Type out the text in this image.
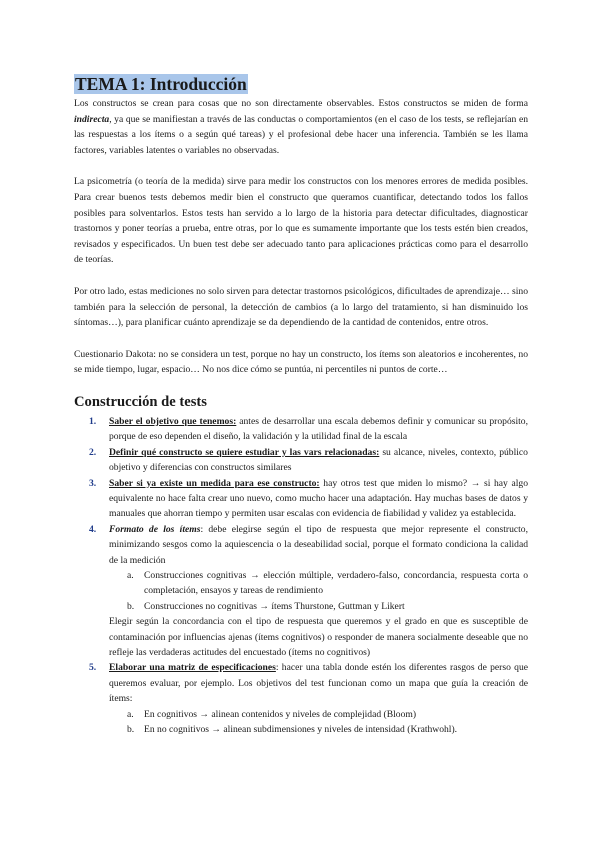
TEMA 1: Introducción

Los constructos se crean para cosas que no son directamente observables. Estos constructos se miden de forma indirecta, ya que se manifiestan a través de las conductas o comportamientos (en el caso de los tests, se reflejarían en las respuestas a los ítems o a según qué tareas) y el profesional debe hacer una inferencia. También se les llama factores, variables latentes o variables no observadas.

La psicometría (o teoría de la medida) sirve para medir los constructos con los menores errores de medida posibles. Para crear buenos tests debemos medir bien el constructo que queramos cuantificar, detectando todos los fallos posibles para solventarlos. Estos tests han servido a lo largo de la historia para detectar dificultades, diagnosticar trastornos y poner teorías a prueba, entre otras, por lo que es sumamente importante que los tests estén bien creados, revisados y especificados. Un buen test debe ser adecuado tanto para aplicaciones prácticas como para el desarrollo de teorías.

Por otro lado, estas mediciones no solo sirven para detectar trastornos psicológicos, dificultades de aprendizaje… sino también para la selección de personal, la detección de cambios (a lo largo del tratamiento, si han disminuido los síntomas…), para planificar cuánto aprendizaje se da dependiendo de la cantidad de contenidos, entre otros.

Cuestionario Dakota: no se considera un test, porque no hay un constructo, los ítems son aleatorios e incoherentes, no se mide tiempo, lugar, espacio… No nos dice cómo se puntúa, ni percentiles ni puntos de corte…

Construcción de tests
1. Saber el objetivo que tenemos: antes de desarrollar una escala debemos definir y comunicar su propósito, porque de eso dependen el diseño, la validación y la utilidad final de la escala
2. Definir qué constructo se quiere estudiar y las vars relacionadas: su alcance, niveles, contexto, público objetivo y diferencias con constructos similares
3. Saber si ya existe un medida para ese constructo: hay otros test que miden lo mismo? → si hay algo equivalente no hace falta crear uno nuevo, como mucho hacer una adaptación. Hay muchas bases de datos y manuales que ahorran tiempo y permiten usar escalas con evidencia de fiabilidad y validez ya establecida.
4. Formato de los ítems: debe elegirse según el tipo de respuesta que mejor represente el constructo, minimizando sesgos como la aquiescencia o la deseabilidad social, porque el formato condiciona la calidad de la medición
a. Construcciones cognitivas → elección múltiple, verdadero-falso, concordancia, respuesta corta o completación, ensayos y tareas de rendimiento
b. Construcciones no cognitivas → ítems Thurstone, Guttman y Likert
Elegir según la concordancia con el tipo de respuesta que queremos y el grado en que es susceptible de contaminación por influencias ajenas (ítems cognitivos) o responder de manera socialmente deseable que no refleje las verdaderas actitudes del encuestado (ítems no cognitivos)
5. Elaborar una matriz de especificaciones: hacer una tabla donde estén los diferentes rasgos de perso que queremos evaluar, por ejemplo. Los objetivos del test funcionan como un mapa que guía la creación de ítems:
a. En cognitivos → alinean contenidos y niveles de complejidad (Bloom)
b. En no cognitivos → alinean subdimensiones y niveles de intensidad (Krathwohl).
